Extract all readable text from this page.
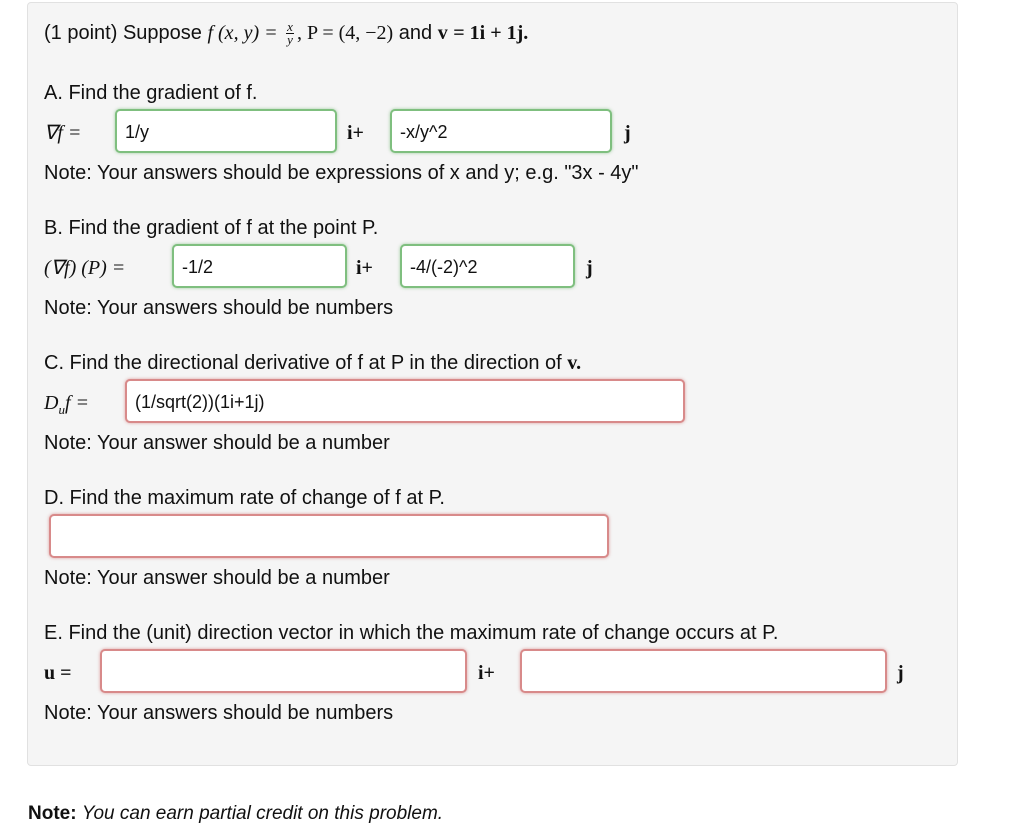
(1 point) Suppose f (x, $y) = \frac{x}{y}$ , P = (4, −2) and v = 1i + 1j.
A. Find the gradient of f.
∇f =	1/y	i+	-x/y^2	j
Note: Your answers should be expressions of x and y; e.g. "3x - 4y"
B. Find the gradient of f at the point P.
(∇f) (P) =	-1/2	i+	-4/(-2)^2	j
Note: Your answers should be numbers
C. Find the directional derivative of f at P in the direction of v.
$D_uf$ =	(1/sqrt(2))(1i+1j)
Note: Your answer should be a number
D. Find the maximum rate of change of f at P.
Note: Your answer should be a number
E. Find the (unit) direction vector in which the maximum rate of change occurs at P.
u =	i+	j
Note: Your answers should be numbers
Note: You can earn partial credit on this problem.
